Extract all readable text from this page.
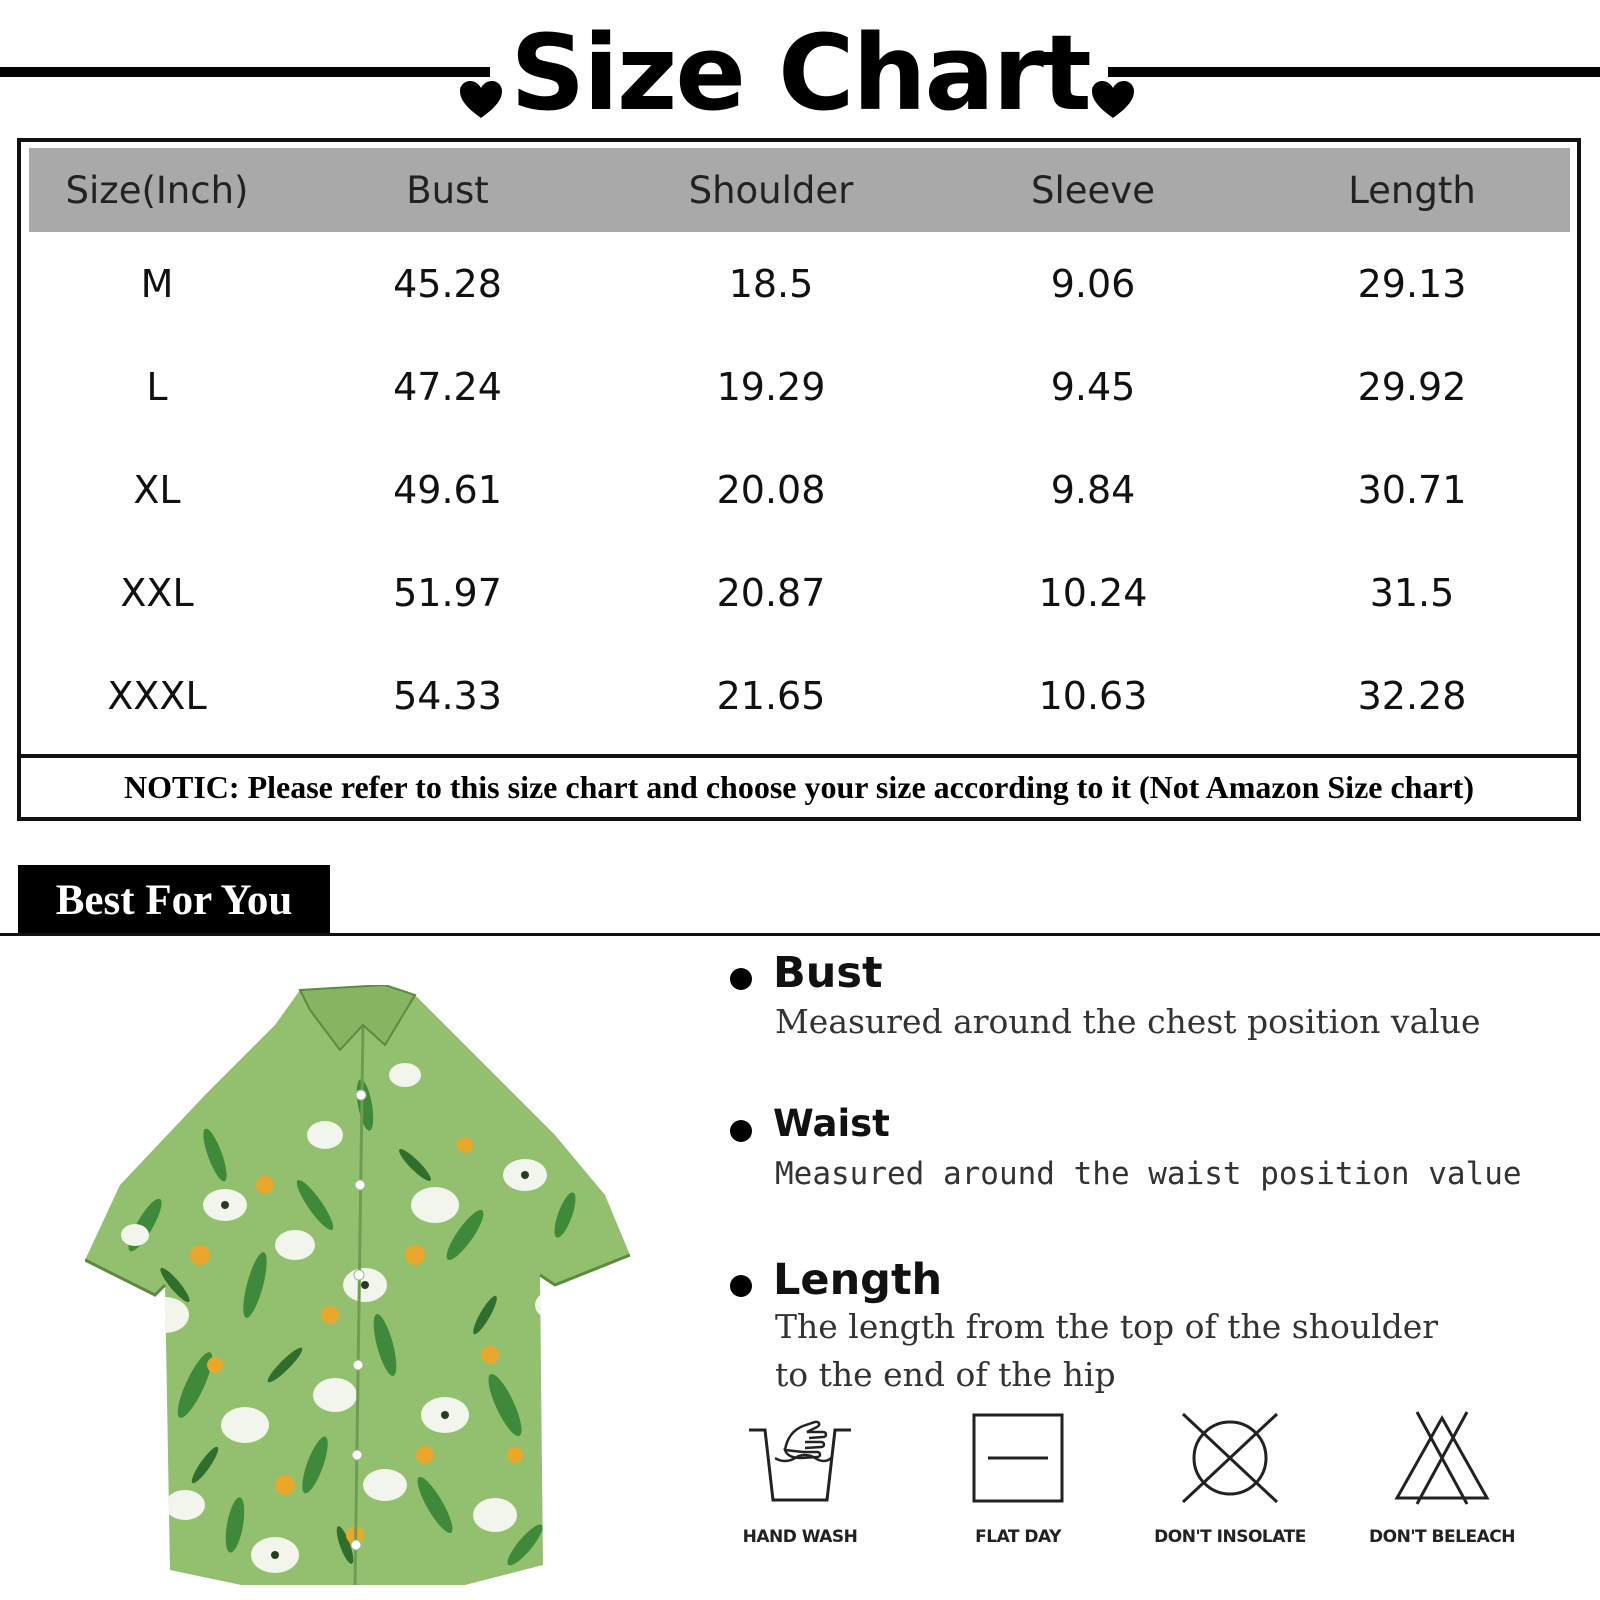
Size Chart
Size(Inch)	Bust	Shoulder	Sleeve	Length
M	45.28	18.5	9.06	29.13
L	47.24	19.29	9.45	29.92
XL	49.61	20.08	9.84	30.71
XXL	51.97	20.87	10.24	31.5
XXXL	54.33	21.65	10.63	32.28
NOTIC: Please refer to this size chart and choose your size according to it (Not Amazon Size chart)
Best For You
Bust
Measured around the chest position value
Waist
Measured around the waist position value
Length
The length from the top of the shoulder to the end of the hip
HAND WASH	FLAT DAY	DON'T INSOLATE	DON'T BELEACH
